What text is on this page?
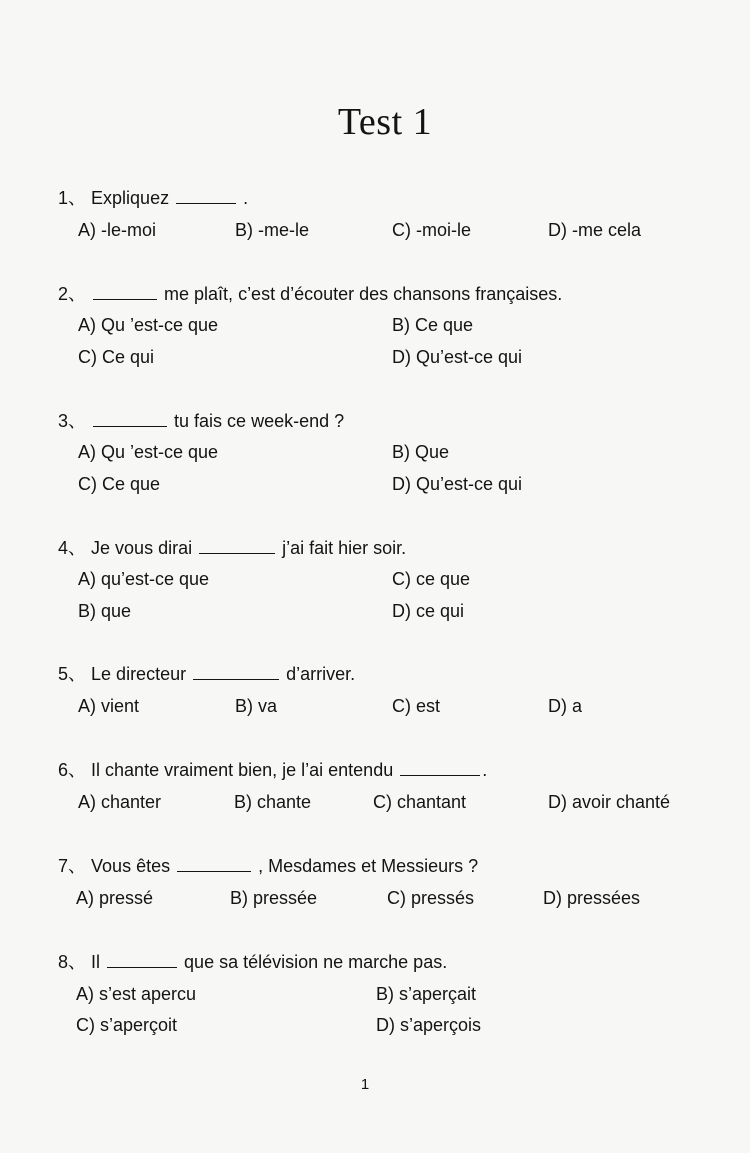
Test 1
1、 Expliquez	.
A) -le-moi	B) -me-le	C) -moi-le	D) -me cela
2、	me plaît, c’est d’écouter des chansons françaises.
A) Qu ’est-ce que	B) Ce que
C) Ce qui	D) Qu’est-ce qui
3、	tu fais ce week-end ?
A) Qu ’est-ce que	B) Que
C) Ce que	D) Qu’est-ce qui
4、 Je vous dirai	j’ai fait hier soir.
A) qu’est-ce que	C) ce que
B) que	D) ce qui
5、 Le directeur	d’arriver.
A) vient	B) va	C) est	D) a
6、 Il chante vraiment bien, je l’ai entendu	.
A) chanter	B) chante	C) chantant	D) avoir chanté
7、 Vous êtes	, Mesdames et Messieurs ?
A) pressé	B) pressée	C) pressés	D) pressées
8、 Il	que sa télévision ne marche pas.
A) s’est apercu	B) s’aperçait
C) s’aperçoit	D) s’aperçois
1
